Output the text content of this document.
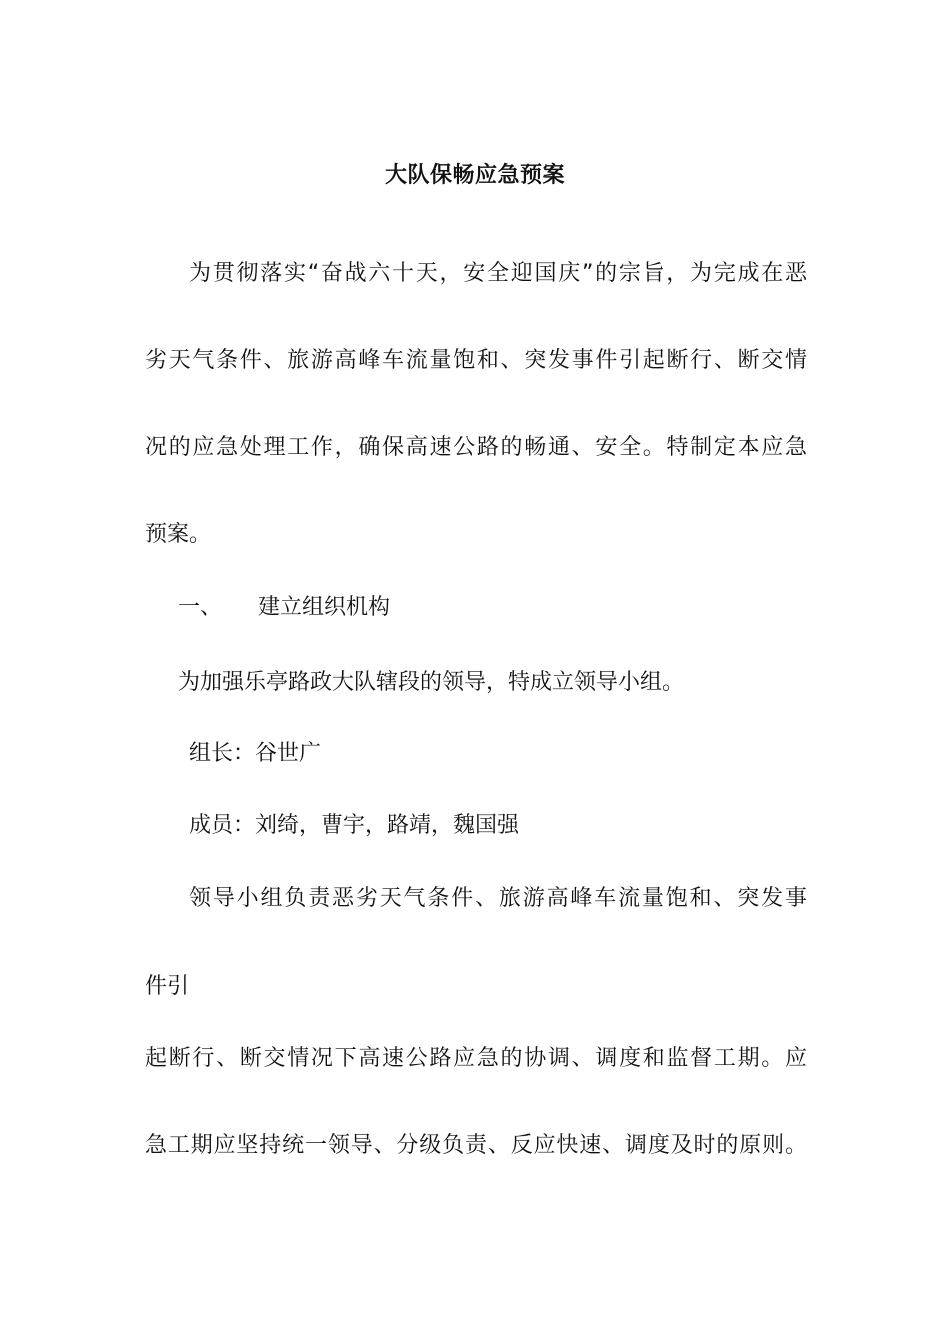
大队保畅应急预案
为贯彻落实“奋战六十天，安全迎国庆”的宗旨，为完成在恶
劣天气条件、旅游高峰车流量饱和、突发事件引起断行、断交情
况的应急处理工作，确保高速公路的畅通、安全。特制定本应急
预案。
一、 建立组织机构
为加强乐亭路政大队辖段的领导，特成立领导小组。
组长：谷世广
成员：刘绮，曹宇，路靖，魏国强
领导小组负责恶劣天气条件、旅游高峰车流量饱和、突发事
件引
起断行、断交情况下高速公路应急的协调、调度和监督工期。应
急工期应坚持统一领导、分级负责、反应快速、调度及时的原则。
